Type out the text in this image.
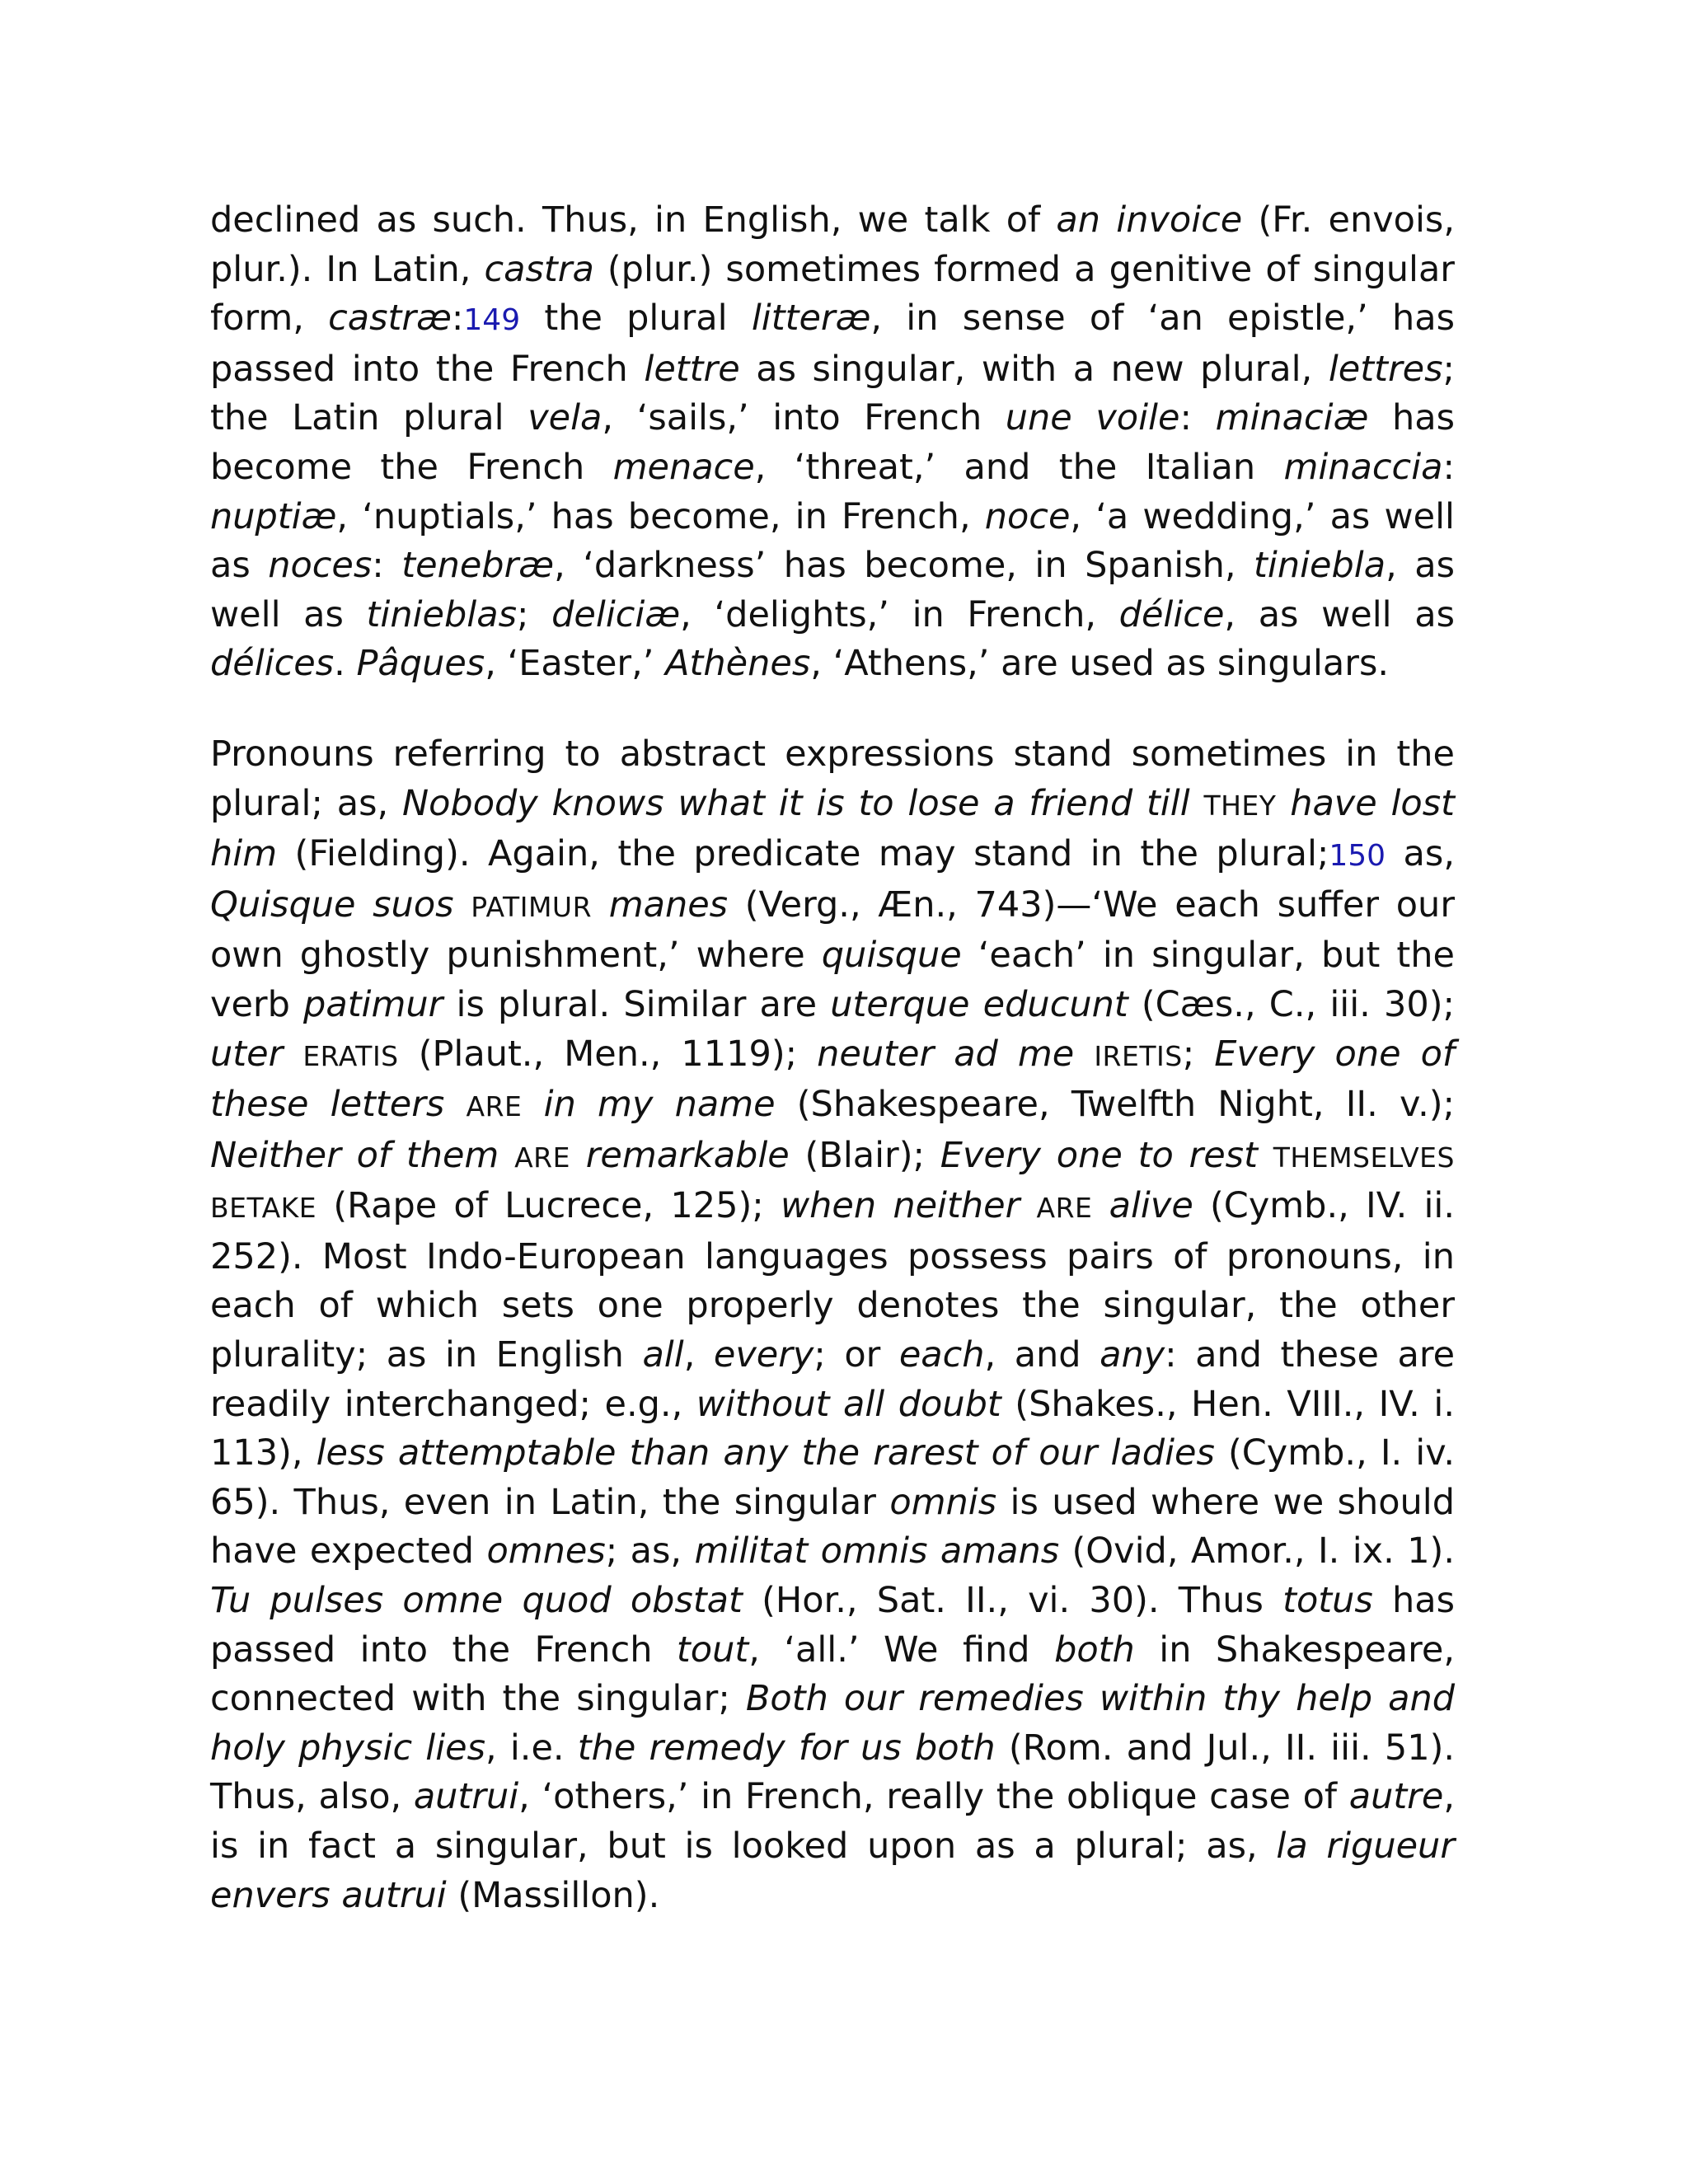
declined as such. Thus, in English, we talk of an invoice (Fr. envois, plur.). In Latin, castra (plur.) sometimes formed a genitive of singular form, castræ:149 the plural litteræ, in sense of ‘an epistle,’ has passed into the French lettre as singular, with a new plural, lettres; the Latin plural vela, ‘sails,’ into French une voile: minaciæ has become the French menace, ‘threat,’ and the Italian minaccia: nuptiæ, ‘nuptials,’ has become, in French, noce, ‘a wedding,’ as well as noces: tenebræ, ‘darkness’ has become, in Spanish, tiniebla, as well as tinieblas; deliciæ, ‘delights,’ in French, délice, as well as délices. Pâques, ‘Easter,’ Athènes, ‘Athens,’ are used as singulars.

Pronouns referring to abstract expressions stand sometimes in the plural; as, Nobody knows what it is to lose a friend till THEY have lost him (Fielding). Again, the predicate may stand in the plural;150 as, Quisque suos PATIMUR manes (Verg., Æn., 743)—‘We each suffer our own ghostly punishment,’ where quisque ‘each’ in singular, but the verb patimur is plural. Similar are uterque educunt (Cæs., C., iii. 30); uter ERATIS (Plaut., Men., 1119); neuter ad me IRETIS; Every one of these letters ARE in my name (Shakespeare, Twelfth Night, II. v.); Neither of them ARE remarkable (Blair); Every one to rest THEMSELVES BETAKE (Rape of Lucrece, 125); when neither ARE alive (Cymb., IV. ii. 252). Most Indo-European languages possess pairs of pronouns, in each of which sets one properly denotes the singular, the other plurality; as in English all, every; or each, and any: and these are readily interchanged; e.g., without all doubt (Shakes., Hen. VIII., IV. i. 113), less attemptable than any the rarest of our ladies (Cymb., I. iv. 65). Thus, even in Latin, the singular omnis is used where we should have expected omnes; as, militat omnis amans (Ovid, Amor., I. ix. 1). Tu pulses omne quod obstat (Hor., Sat. II., vi. 30). Thus totus has passed into the French tout, ‘all.’ We find both in Shakespeare, connected with the singular; Both our remedies within thy help and holy physic lies, i.e. the remedy for us both (Rom. and Jul., II. iii. 51). Thus, also, autrui, ‘others,’ in French, really the oblique case of autre, is in fact a singular, but is looked upon as a plural; as, la rigueur envers autrui (Massillon).
